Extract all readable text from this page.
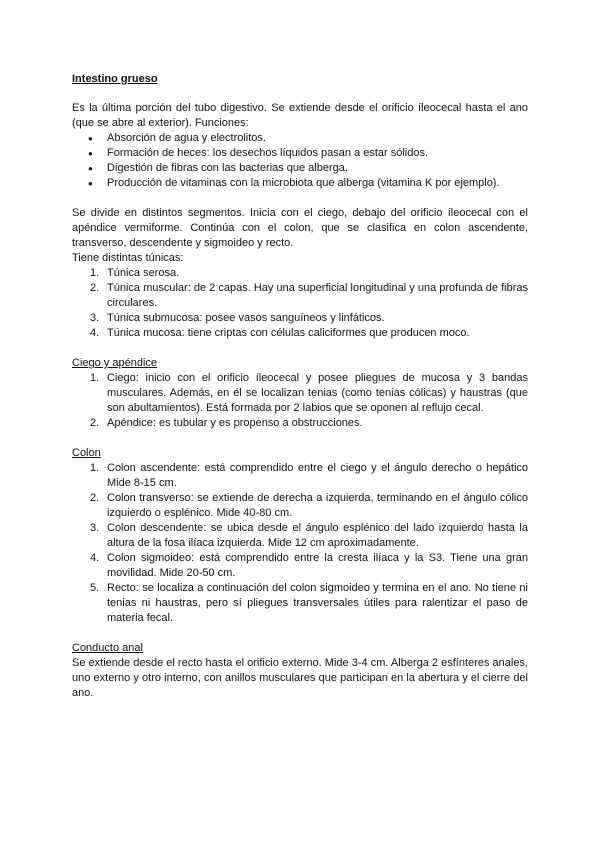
Intestino grueso

Es la última porción del tubo digestivo. Se extiende desde el orificio íleocecal hasta el ano (que se abre al exterior). Funciones:

● Absorción de agua y electrolitos.
● Formación de heces: los desechos líquidos pasan a estar sólidos.
● Digestión de fibras con las bacterias que alberga.
● Producción de vitaminas con la microbiota que alberga (vitamina K por ejemplo).

Se divide en distintos segmentos. Inicia con el ciego, debajo del orificio íleocecal con el apéndice vermiforme. Continúa con el colon, que se clasifica en colon ascendente, transverso, descendente y sigmoideo y recto.

Tiene distintas túnicas:

1. Túnica serosa.
2. Túnica muscular: de 2 capas. Hay una superficial longitudinal y una profunda de fibras circulares.
3. Túnica submucosa: posee vasos sanguíneos y linfáticos.
4. Túnica mucosa: tiene criptas con células caliciformes que producen moco.
Ciego y apéndice
1. Ciego: inicio con el orificio íleocecal y posee pliegues de mucosa y 3 bandas musculares. Además, en él se localizan tenias (como tenias cólicas) y haustras (que son abultamientos). Está formada por 2 labios que se oponen al reflujo cecal.
2. Apéndice: es tubular y es propenso a obstrucciones.
Colon
1. Colon ascendente: está comprendido entre el ciego y el ángulo derecho o hepático Mide 8-15 cm.
2. Colon transverso: se extiende de derecha a izquierda, terminando en el ángulo cólico izquierdo o esplénico. Mide 40-80 cm.
3. Colon descendente: se ubica desde el ángulo esplénico del lado izquierdo hasta la altura de la fosa ilíaca izquierda. Mide 12 cm aproximadamente.
4. Colon sigmoideo: está comprendido entre la cresta ilíaca y la S3. Tiene una gran movilidad. Mide 20-50 cm.
5. Recto: se localiza a continuación del colon sigmoideo y termina en el ano. No tiene ni tenias ni haustras, pero sí pliegues transversales útiles para ralentizar el paso de materia fecal.
Conducto anal

Se extiende desde el recto hasta el orificio externo. Mide 3-4 cm. Alberga 2 esfínteres anales, uno externo y otro interno, con anillos musculares que participan en la abertura y el cierre del ano.
